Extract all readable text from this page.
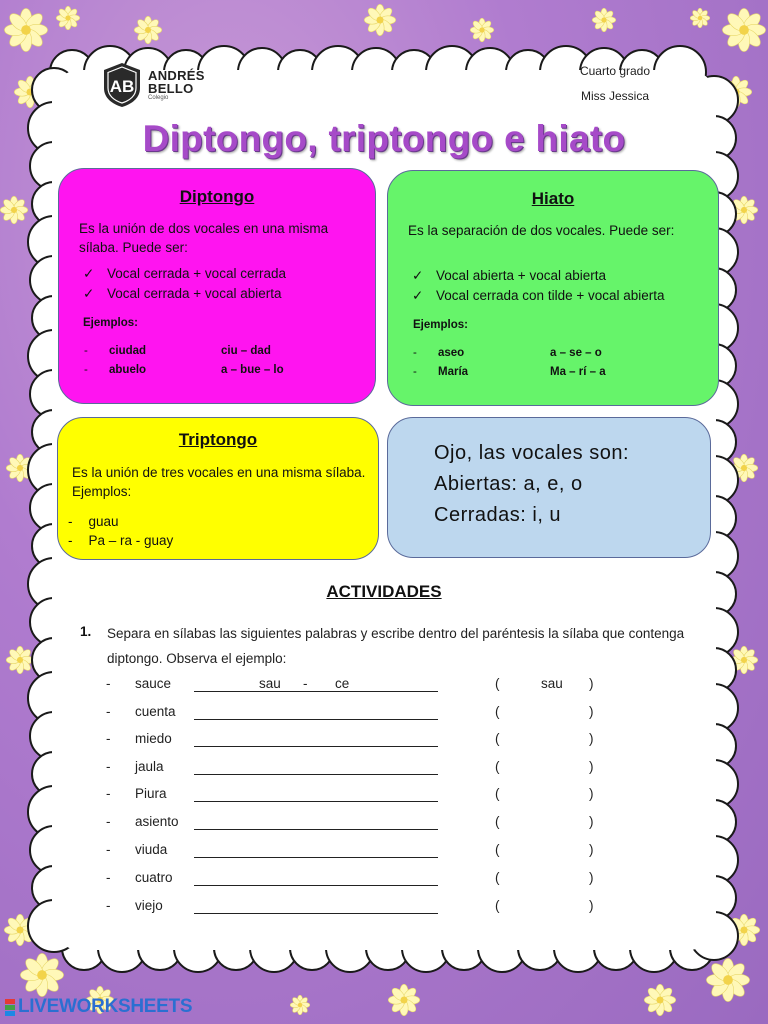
AB
ANDRÉS
BELLO
Colegio
Cuarto grado
Miss Jessica
Diptongo, triptongo e hiato
Diptongo
Es la unión de dos vocales en una misma sílaba. Puede ser:
✓ Vocal cerrada + vocal cerrada
✓ Vocal cerrada + vocal abierta
Ejemplos:
- ciudad	ciu – dad
- abuelo	a – bue – lo
Hiato
Es la separación de dos vocales. Puede ser:
✓ Vocal abierta + vocal abierta
✓ Vocal cerrada con tilde + vocal abierta
Ejemplos:
- aseo	a – se – o
- María	Ma – rí – a
Triptongo
Es la unión de tres vocales en una misma sílaba. Ejemplos:
- guau
- Pa – ra - guay
Ojo, las vocales son:
Abiertas: a, e, o
Cerradas: i, u
ACTIVIDADES
1. Separa en sílabas las siguientes palabras y escribe dentro del paréntesis la sílaba que contenga diptongo. Observa el ejemplo:
- sauce	sau - ce	(	sau )
- cuenta	(	)
- miedo	(	)
- jaula	(	)
- Piura	(	)
- asiento	(	)
- viuda	(	)
- cuatro	(	)
- viejo	(	)
LIVEWORKSHEETS
